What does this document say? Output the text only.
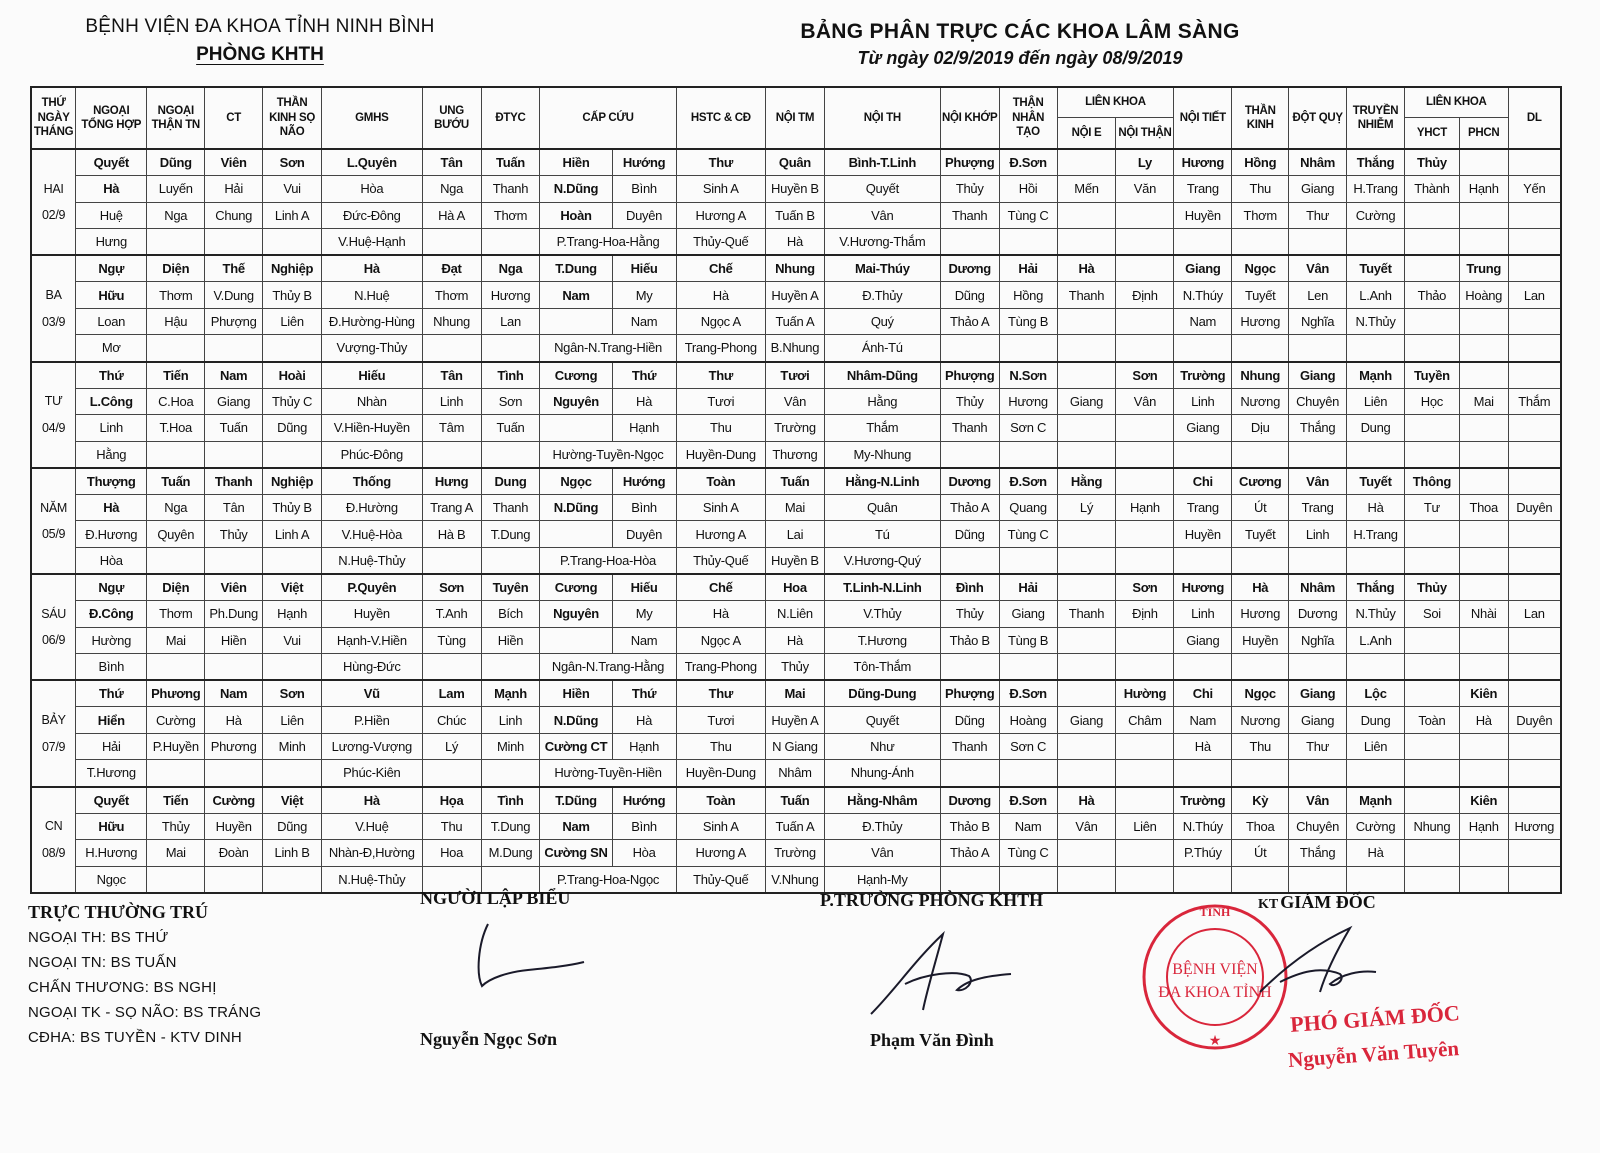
BỆNH VIỆN ĐA KHOA TỈNH NINH BÌNH
PHÒNG KHTH
BẢNG PHÂN TRỰC CÁC KHOA LÂM SÀNG
Từ ngày 02/9/2019 đến ngày 08/9/2019
THỨ NGÀY THÁNG	NGOẠI TỔNG HỢP	NGOẠI THẬN TN	CT	THẦN KINH SỌ NÃO	GMHS	UNG BƯỚU	ĐTYC	CẤP CỨU		HSTC & CĐ	NỘI TM	NỘI TH	NỘI KHỚP	THẬN NHÂN TẠO	LIÊN KHOA		NỘI TIẾT	THẦN KINH	ĐỘT QUỴ	TRUYỀN NHIỄM	LIÊN KHOA		DL
															NỘI E	NỘI THẬN					YHCT	PHCN	
	Quyết	Dũng	Viên	Sơn	L.Quyên	Tân	Tuấn	Hiền	Hướng	Thư	Quân	Bình-T.Linh	Phượng	Đ.Sơn		Ly	Hương	Hồng	Nhâm	Thắng	Thủy		
HAI	Hà	Luyến	Hải	Vui	Hòa	Nga	Thanh	N.Dũng	Bình	Sinh A	Huyền B	Quyết	Thủy	Hồi	Mến	Văn	Trang	Thu	Giang	H.Trang	Thành	Hạnh	Yến
02/9	Huệ	Nga	Chung	Linh A	Đức-Đông	Hà A	Thơm	Hoàn	Duyên	Hương A	Tuấn B	Vân	Thanh	Tùng C			Huyền	Thơm	Thư	Cường			
	Hưng				V.Huệ-Hạnh			P.Trang-Hoa-Hằng		Thủy-Quế	Hà	V.Hương-Thắm											
	Ngự	Diện	Thế	Nghiệp	Hà	Đạt	Nga	T.Dung	Hiếu	Chế	Nhung	Mai-Thúy	Dương	Hải	Hà		Giang	Ngọc	Vân	Tuyết		Trung	
BA	Hữu	Thơm	V.Dung	Thủy B	N.Huệ	Thơm	Hương	Nam	My	Hà	Huyền A	Đ.Thủy	Dũng	Hồng	Thanh	Định	N.Thúy	Tuyết	Len	L.Anh	Thảo	Hoàng	Lan
03/9	Loan	Hậu	Phượng	Liên	Đ.Hường-Hùng	Nhung	Lan		Nam	Ngọc A	Tuấn A	Quý	Thảo A	Tùng B			Nam	Hương	Nghĩa	N.Thủy			
	Mơ				Vượng-Thủy			Ngân-N.Trang-Hiền		Trang-Phong	B.Nhung	Ánh-Tú											
	Thứ	Tiến	Nam	Hoài	Hiếu	Tân	Tình	Cương	Thứ	Thư	Tươi	Nhâm-Dũng	Phượng	N.Sơn		Sơn	Trường	Nhung	Giang	Mạnh	Tuyền		
TƯ	L.Công	C.Hoa	Giang	Thủy C	Nhàn	Linh	Sơn	Nguyên	Hà	Tươi	Vân	Hằng	Thủy	Hương	Giang	Vân	Linh	Nương	Chuyên	Liên	Học	Mai	Thắm
04/9	Linh	T.Hoa	Tuấn	Dũng	V.Hiền-Huyền	Tâm	Tuấn		Hạnh	Thu	Trường	Thắm	Thanh	Sơn C			Giang	Dịu	Thắng	Dung			
	Hằng				Phúc-Đông			Hường-Tuyền-Ngọc		Huyền-Dung	Thương	My-Nhung											
	Thượng	Tuấn	Thanh	Nghiệp	Thống	Hưng	Dung	Ngọc	Hướng	Toàn	Tuấn	Hằng-N.Linh	Dương	Đ.Sơn	Hằng		Chi	Cương	Vân	Tuyết	Thông		
NĂM	Hà	Nga	Tân	Thủy B	Đ.Hường	Trang A	Thanh	N.Dũng	Bình	Sinh A	Mai	Quân	Thảo A	Quang	Lý	Hạnh	Trang	Út	Trang	Hà	Tư	Thoa	Duyên
05/9	Đ.Hương	Quyên	Thủy	Linh A	V.Huệ-Hòa	Hà B	T.Dung		Duyên	Hương A	Lai	Tú	Dũng	Tùng C			Huyền	Tuyết	Linh	H.Trang			
	Hòa				N.Huệ-Thủy			P.Trang-Hoa-Hòa		Thủy-Quế	Huyền B	V.Hương-Quý											
	Ngự	Diện	Viên	Việt	P.Quyên	Sơn	Tuyên	Cương	Hiếu	Chế	Hoa	T.Linh-N.Linh	Đình	Hải		Sơn	Hương	Hà	Nhâm	Thắng	Thủy		
SÁU	Đ.Công	Thơm	Ph.Dung	Hạnh	Huyền	T.Anh	Bích	Nguyên	My	Hà	N.Liên	V.Thủy	Thủy	Giang	Thanh	Định	Linh	Hương	Dương	N.Thủy	Soi	Nhài	Lan
06/9	Hường	Mai	Hiền	Vui	Hạnh-V.Hiền	Tùng	Hiền		Nam	Ngọc A	Hà	T.Hương	Thảo B	Tùng B			Giang	Huyền	Nghĩa	L.Anh			
	Bình				Hùng-Đức			Ngân-N.Trang-Hằng		Trang-Phong	Thủy	Tôn-Thắm											
	Thứ	Phương	Nam	Sơn	Vũ	Lam	Mạnh	Hiền	Thứ	Thư	Mai	Dũng-Dung	Phượng	Đ.Sơn		Hường	Chi	Ngọc	Giang	Lộc		Kiên	
BẢY	Hiển	Cường	Hà	Liên	P.Hiền	Chúc	Linh	N.Dũng	Hà	Tươi	Huyền A	Quyết	Dũng	Hoàng	Giang	Châm	Nam	Nương	Giang	Dung	Toàn	Hà	Duyên
07/9	Hải	P.Huyền	Phương	Minh	Lương-Vượng	Lý	Minh	Cường CT	Hạnh	Thu	N Giang	Như	Thanh	Sơn C			Hà	Thu	Thư	Liên			
	T.Hương				Phúc-Kiên			Hường-Tuyền-Hiền		Huyền-Dung	Nhâm	Nhung-Ánh											
	Quyết	Tiến	Cường	Việt	Hà	Họa	Tình	T.Dũng	Hướng	Toàn	Tuấn	Hằng-Nhâm	Dương	Đ.Sơn	Hà		Trường	Kỳ	Vân	Mạnh		Kiên	
CN	Hữu	Thủy	Huyền	Dũng	V.Huệ	Thu	T.Dung	Nam	Bình	Sinh A	Tuấn A	Đ.Thủy	Thảo B	Nam	Vân	Liên	N.Thúy	Thoa	Chuyên	Cường	Nhung	Hạnh	Hương
08/9	H.Hương	Mai	Đoàn	Linh B	Nhàn-Đ,Hường	Hoa	M.Dung	Cường SN	Hòa	Hương A	Trường	Vân	Thảo A	Tùng C			P.Thúy	Út	Thắng	Hà			
	Ngọc				N.Huệ-Thủy			P.Trang-Hoa-Ngọc		Thủy-Quế	V.Nhung	Hạnh-My											
TRỰC THƯỜNG TRÚ
NGOẠI TH: BS THỨ
NGOẠI TN: BS TUẤN
CHẤN THƯƠNG: BS NGHỊ
NGOẠI TK - SỌ NÃO: BS TRÁNG
CĐHA: BS TUYỀN - KTV DINH
NGƯỜI LẬP BIỂU
Nguyễn Ngọc Sơn
P.TRƯỞNG PHÒNG KHTH
Phạm Văn Đình
TỈNH
★
BỆNH VIỆN
ĐA KHOA TỈNH
KT GIÁM ĐỐC
PHÓ GIÁM ĐỐC
Nguyễn Văn Tuyên
